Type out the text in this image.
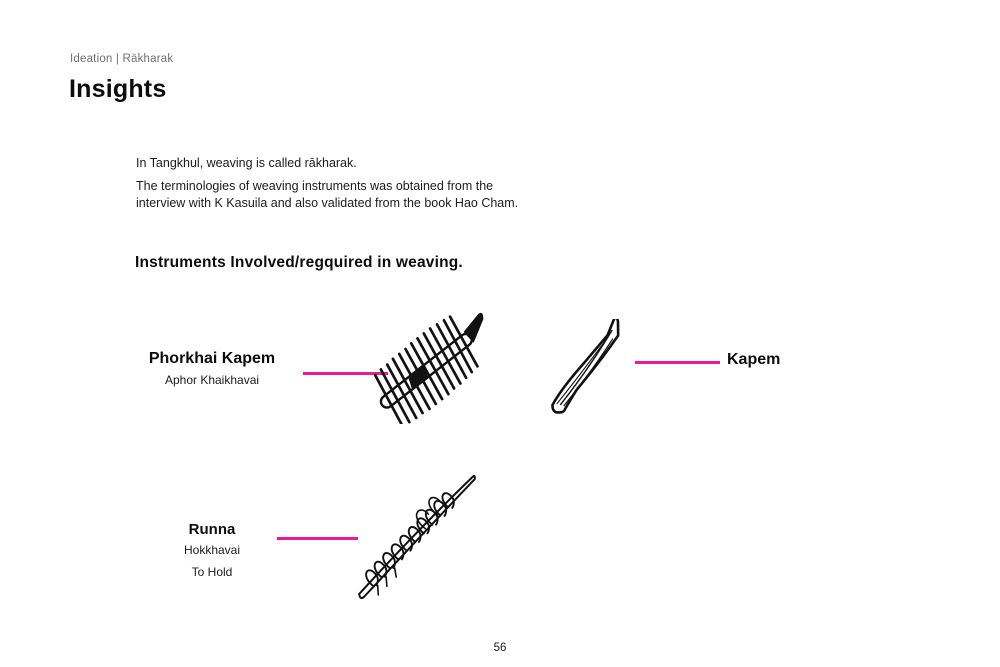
Ideation | Rākharak
Insights
In Tangkhul, weaving is called rākharak.
The terminologies of weaving instruments was obtained from the
interview with K Kasuila and also validated from the book Hao Cham.
Instruments Involved/regquired in weaving.
Phorkhai Kapem
Aphor Khaikhavai
Kapem
Runna
Hokkhavai
To Hold
56
